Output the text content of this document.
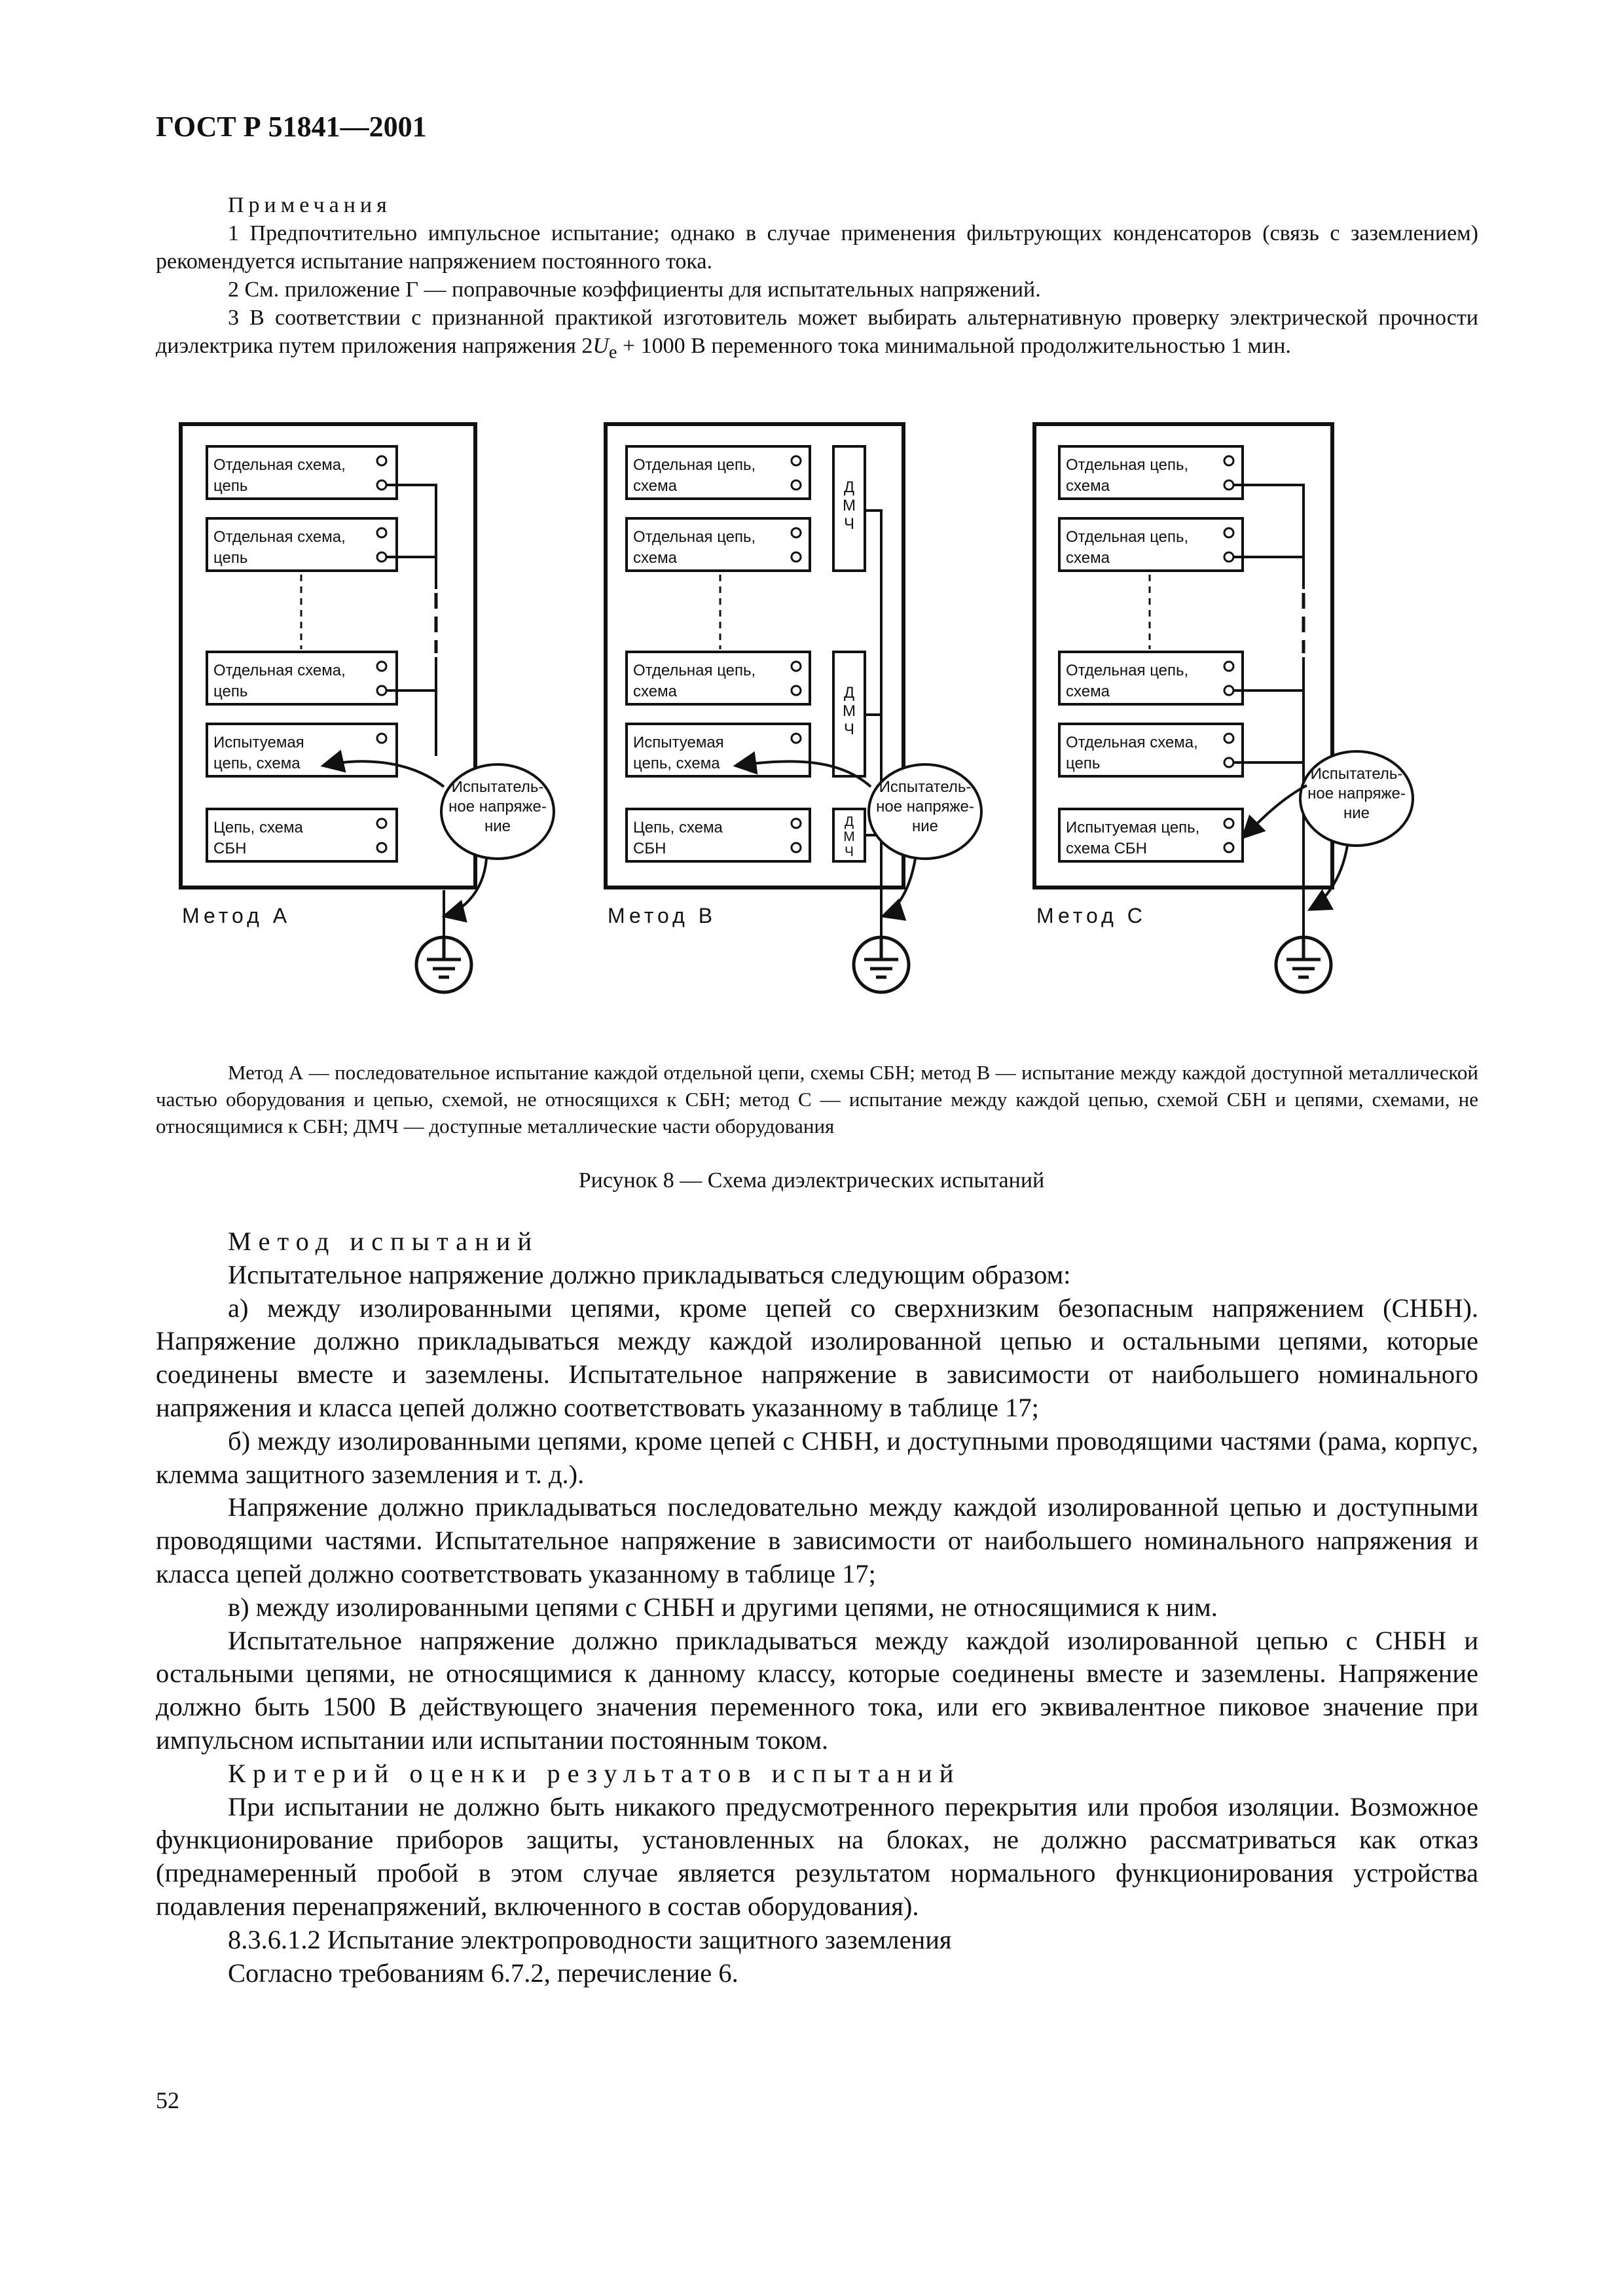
ГОСТ Р 51841—2001

Примечания

1 Предпочтительно импульсное испытание; однако в случае применения фильтрующих конденсаторов (связь с заземлением) рекомендуется испытание напряжением постоянного тока.

2 См. приложение Г — поправочные коэффициенты для испытательных напряжений.

3 В соответствии с признанной практикой изготовитель может выбирать альтернативную проверку электрической прочности диэлектрика путем приложения напряжения $2U_e + 1000$ В переменного тока минимальной продолжительностью 1 мин.

Отдельная схема,
цепь
Отдельная схема,
цепь
Отдельная схема,
цепь
Испытуемая
цепь, схема
Цепь, схема
СБН
Испытатель-
ное напряже-
ние
Метод А
Отдельная цепь,
схема
Отдельная цепь,
схема
Отдельная цепь,
схема
Испытуемая
цепь, схема
Цепь, схема
СБН
Д
М
Ч
Д
М
Ч
Д
М
Ч
Испытатель-
ное напряже-
ние
Метод В
Отдельная цепь,
схема
Отдельная цепь,
схема
Отдельная цепь,
схема
Отдельная схема,
цепь
Испытуемая цепь,
схема СБН
Испытатель-
ное напряже-
ние
Метод С

Метод А — последовательное испытание каждой отдельной цепи, схемы СБН; метод В — испытание между каждой доступной металлической частью оборудования и цепью, схемой, не относящихся к СБН; метод С — испытание между каждой цепью, схемой СБН и цепями, схемами, не относящимися к СБН; ДМЧ — доступные металлические части оборудования

Рисунок 8 — Схема диэлектрических испытаний

Метод испытаний

Испытательное напряжение должно прикладываться следующим образом:

а) между изолированными цепями, кроме цепей со сверхнизким безопасным напряжением (СНБН). Напряжение должно прикладываться между каждой изолированной цепью и остальными цепями, которые соединены вместе и заземлены. Испытательное напряжение в зависимости от наибольшего номинального напряжения и класса цепей должно соответствовать указанному в таблице 17;

б) между изолированными цепями, кроме цепей с СНБН, и доступными проводящими частями (рама, корпус, клемма защитного заземления и т. д.).

Напряжение должно прикладываться последовательно между каждой изолированной цепью и доступными проводящими частями. Испытательное напряжение в зависимости от наибольшего номинального напряжения и класса цепей должно соответствовать указанному в таблице 17;

в) между изолированными цепями с СНБН и другими цепями, не относящимися к ним.

Испытательное напряжение должно прикладываться между каждой изолированной цепью с СНБН и остальными цепями, не относящимися к данному классу, которые соединены вместе и заземлены. Напряжение должно быть 1500 В действующего значения переменного тока, или его эквивалентное пиковое значение при импульсном испытании или испытании постоянным током.

Критерий оценки результатов испытаний

При испытании не должно быть никакого предусмотренного перекрытия или пробоя изоляции. Возможное функционирование приборов защиты, установленных на блоках, не должно рассматриваться как отказ (преднамеренный пробой в этом случае является результатом нормального функционирования устройства подавления перенапряжений, включенного в состав оборудования).

8.3.6.1.2 Испытание электропроводности защитного заземления

Согласно требованиям 6.7.2, перечисление 6.

52
